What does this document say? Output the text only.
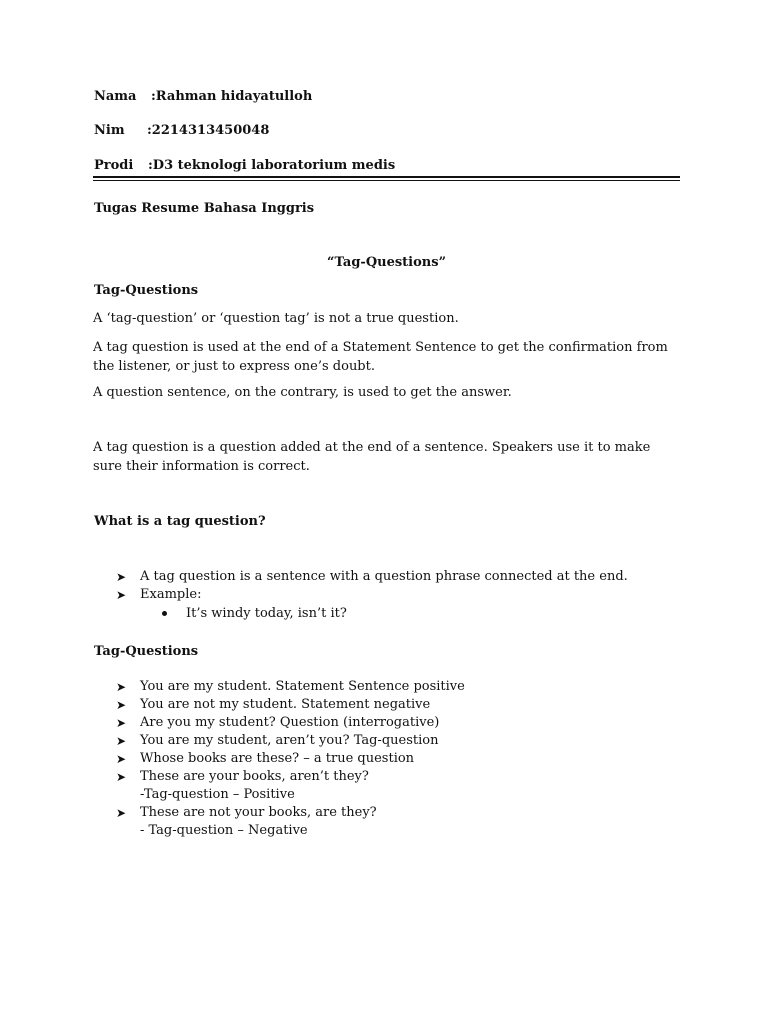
Nama :Rahman hidayatulloh
Nim :2214313450048
Prodi :D3 teknologi laboratorium medis
Tugas Resume Bahasa Inggris
“Tag-Questions”
Tag-Questions
A ‘tag-question’ or ‘question tag’ is not a true question.
A tag question is used at the end of a Statement Sentence to get the confirmation from the listener, or just to express one’s doubt.
A question sentence, on the contrary, is used to get the answer.
A tag question is a question added at the end of a sentence. Speakers use it to make sure their information is correct.
What is a tag question?
➤ A tag question is a sentence with a question phrase connected at the end.
➤ Example:
It’s windy today, isn’t it?
Tag-Questions
➤ You are my student. Statement Sentence positive
➤ You are not my student. Statement negative
➤ Are you my student? Question (interrogative)
➤ You are my student, aren’t you? Tag-question
➤ Whose books are these? – a true question
➤ These are your books, aren’t they?
-Tag-question – Positive
➤ These are not your books, are they?
- Tag-question – Negative
